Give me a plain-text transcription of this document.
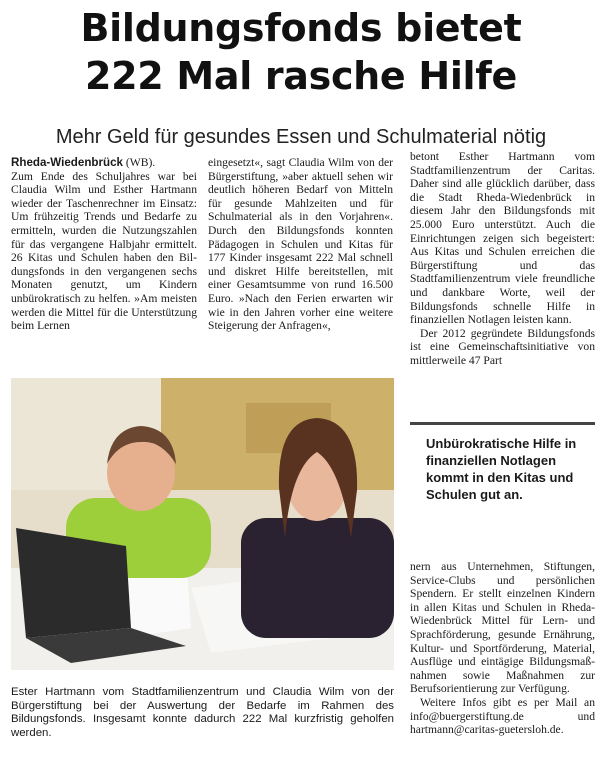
Bildungsfonds bietet
222 Mal rasche Hilfe
Mehr Geld für gesundes Essen und Schulmaterial nötig

Rheda-Wiedenbrück (WB).

Zum Ende des Schuljahres war bei Claudia Wilm und Esther Hartmann wieder der Taschenrechner im Einsatz: Um frühzeitig Trends und Bedarfe zu ermitteln, wurden die Nutzungszahlen für das vergangene Halbjahr ermittelt. 26 Kitas und Schulen haben den Bildungsfonds in den vergangenen sechs Monaten genutzt, um Kindern unbürokratisch zu helfen. »Am meisten werden die Mittel für die Unterstützung beim Lernen

eingesetzt«, sagt Claudia Wilm von der Bürgerstiftung, »aber aktuell sehen wir deutlich höheren Bedarf von Mitteln für gesunde Mahlzeiten und für Schulmaterial als in den Vorjahren«. Durch den Bildungsfonds konnten Pädagogen in Schulen und Kitas für 177 Kinder insgesamt 222 Mal schnell und diskret Hilfe bereitstellen, mit einer Gesamtsumme von rund 16.500 Euro. »Nach den Ferien erwarten wir wie in den Jahren vorher eine weitere Steigerung der Anfragen«,

betont Esther Hartmann vom Stadtfamilienzentrum der Caritas. Daher sind alle glücklich darüber, dass die Stadt Rheda-Wiedenbrück in diesem Jahr den Bildungsfonds mit 25.000 Euro unterstützt. Auch die Einrichtungen zeigen sich begeistert: Aus Kitas und Schulen erreichen die Bürgerstiftung und das Stadtfamilienzentrum viele freundliche und dankbare Worte, weil der Bildungsfonds schnelle Hilfe in finanziellen Notlagen leisten kann.

Der 2012 gegründete Bildungsfonds ist eine Gemeinschaftsinitiative von mittlerweile 47 Part

Unbürokratische Hilfe in finanziellen Notlagen kommt in den Kitas und Schulen gut an.

nern aus Unternehmen, Stiftungen, Service-Clubs und persönlichen Spendern. Er stellt einzelnen Kindern in allen Kitas und Schulen in Rheda-Wiedenbrück Mittel für Lern- und Sprachförderung, gesunde Ernährung, Kultur- und Sportförderung, Material, Ausflüge und eintägige Bildungsmaßnahmen sowie Maßnahmen zur Berufsorientierung zur Verfügung.

Weitere Infos gibt es per Mail an info@buergerstiftung.de und hartmann@caritas-guetersloh.de.

Ester Hartmann vom Stadtfamilienzentrum und Claudia Wilm von der Bürgerstiftung bei der Auswertung der Bedarfe im Rahmen des Bildungsfonds. Insgesamt konnte dadurch 222 Mal kurzfristig geholfen werden.
